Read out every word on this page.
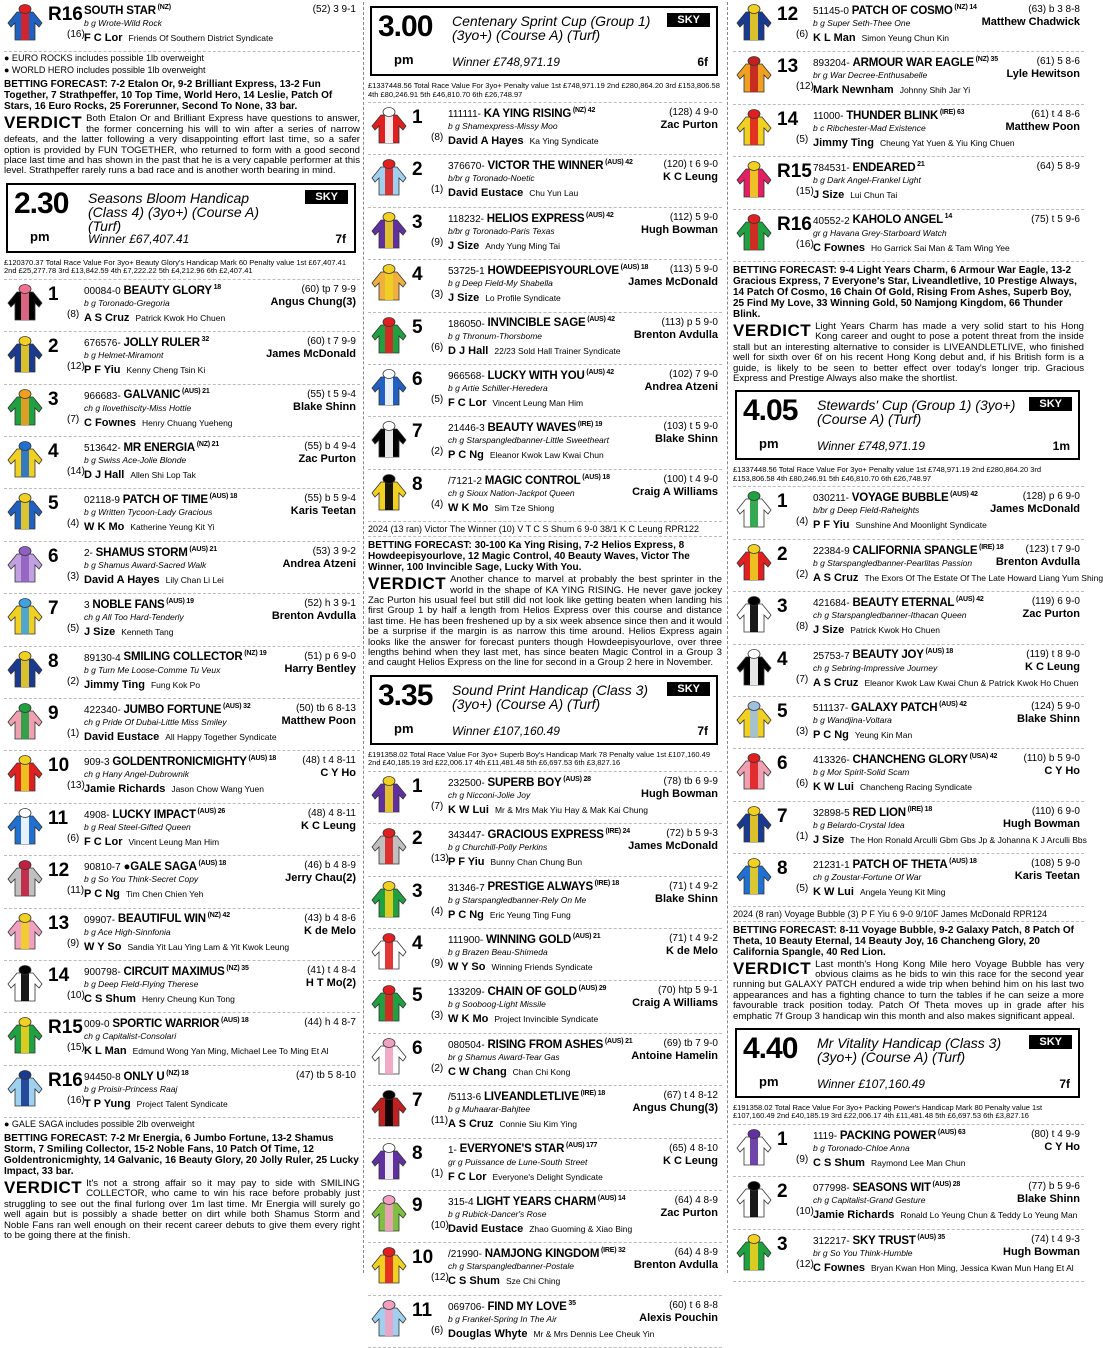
R16
(16)
SOUTH STAR $^{(NZ)}$	(52) 3 9-1
b g Wrote-Wild Rock
F C Lor Friends Of Southern District Syndicate
● EURO ROCKS includes possible 1lb overweight
● WORLD HERO includes possible 1lb overweight
BETTING FORECAST: 7-2 Etalon Or, 9-2 Brilliant Express, 13-2 Fun Together, 7 Strathpeffer, 10 Top Time, World Hero, 14 Leslie, Patch Of Stars, 16 Euro Rocks, 25 Forerunner, Second To None, 33 bar.
VERDICT Both Etalon Or and Brilliant Express have questions to answer, the former concerning his will to win after a series of narrow defeats, and the latter following a very disappointing effort last time, so a safer option is provided by FUN TOGETHER, who returned to form with a good second place last time and has shown in the past that he is a very capable performer at this level. Strathpeffer rarely runs a bad race and is another worth bearing in mind.
2.30
pm
Seasons Bloom Handicap (Class 4) (3yo+) (Course A) (Turf)
Winner £67,407.41
SKY
7f
£120370.37 Total Race Value For 3yo+ Beauty Glory's Handicap Mark 60 Penalty value 1st £67,407.41 2nd £25,277.78 3rd £13,842.59 4th £7,222.22 5th £4,212.96 6th £2,407.41
1
(8)
00084-0 BEAUTY GLORY $^{18}$	(60) tp 7 9-9
b g Toronado-Gregoria	Angus Chung(3)
A S Cruz Patrick Kwok Ho Chuen
2
(12)
676576- JOLLY RULER $^{32}$	(60) t 7 9-9
b g Helmet-Miramont	James McDonald
P F Yiu Kenny Cheng Tsin Ki
3
(7)
966683- GALVANIC $^{(AUS) 21}$	(55) t 5 9-4
ch g Ilovethiscity-Miss Hottie	Blake Shinn
C Fownes Henry Chuang Yueheng
4
(14)
513642- MR ENERGIA $^{(NZ) 21}$	(55) b 4 9-4
b g Swiss Ace-Jolie Blonde	Zac Purton
D J Hall Allen Shi Lop Tak
5
(4)
02118-9 PATCH OF TIME $^{(AUS) 18}$	(55) b 5 9-4
b g Written Tycoon-Lady Gracious	Karis Teetan
W K Mo Katherine Yeung Kit Yi
6
(3)
2- SHAMUS STORM $^{(AUS) 21}$	(53) 3 9-2
b g Shamus Award-Sacred Walk	Andrea Atzeni
David A Hayes Lily Chan Li Lei
7
(5)
3 NOBLE FANS $^{(AUS) 19}$	(52) h 3 9-1
ch g All Too Hard-Tenderly	Brenton Avdulla
J Size Kenneth Tang
8
(2)
89130-4 SMILING COLLECTOR $^{(NZ) 19}$	(51) p 6 9-0
b g Turn Me Loose-Comme Tu Veux	Harry Bentley
Jimmy Ting Fung Kok Po
9
(1)
422340- JUMBO FORTUNE $^{(AUS) 32}$	(50) tb 6 8-13
ch g Pride Of Dubai-Little Miss Smiley	Matthew Poon
David Eustace All Happy Together Syndicate
10
(13)
909-3 GOLDENTRONICMIGHTY $^{(AUS) 18}$	(48) t 4 8-11
ch g Hany Angel-Dubrownik	C Y Ho
Jamie Richards Jason Chow Wang Yuen
11
(6)
4908- LUCKY IMPACT $^{(AUS) 26}$	(48) 4 8-11
b g Real Steel-Gifted Queen	K C Leung
F C Lor Vincent Leung Man Him
12
(11)
90810-7 ●GALE SAGA $^{(AUS) 18}$	(46) b 4 8-9
b g So You Think-Secret Copy	Jerry Chau(2)
P C Ng Tim Chen Chien Yeh
13
(9)
09907- BEAUTIFUL WIN $^{(NZ) 42}$	(43) b 4 8-6
b g Ace High-Sinnfonia	K de Melo
W Y So Sandia Yit Lau Ying Lam & Yit Kwok Leung
14
(10)
900798- CIRCUIT MAXIMUS $^{(NZ) 35}$	(41) t 4 8-4
b g Deep Field-Flying Therese	H T Mo(2)
C S Shum Henry Cheung Kun Tong
R15
(15)
009-0 SPORTIC WARRIOR $^{(AUS) 18}$	(44) h 4 8-7
ch g Capitalist-Consolari
K L Man Edmund Wong Yan Ming, Michael Lee To Ming Et Al
R16
(16)
94450-8 ONLY U $^{(NZ) 18}$	(47) tb 5 8-10
b g Proisir-Princess Raaj
T P Yung Project Talent Syndicate
● GALE SAGA includes possible 2lb overweight
BETTING FORECAST: 7-2 Mr Energia, 6 Jumbo Fortune, 13-2 Shamus Storm, 7 Smiling Collector, 15-2 Noble Fans, 10 Patch Of Time, 12 Goldentronicmighty, 14 Galvanic, 16 Beauty Glory, 20 Jolly Ruler, 25 Lucky Impact, 33 bar.
VERDICT It's not a strong affair so it may pay to side with SMILING COLLECTOR, who came to win his race before probably just struggling to see out the final furlong over 1m last time. Mr Energia will surely go well again but is possibly a shade better on dirt while both Shamus Storm and Noble Fans ran well enough on their recent career debuts to give them every right to be going there at the finish.
3.00
pm
Centenary Sprint Cup (Group 1) (3yo+) (Course A) (Turf)
Winner £748,971.19
SKY
6f
£1337448.56 Total Race Value For 3yo+ Penalty value 1st £748,971.19 2nd £280,864.20 3rd £153,806.58 4th £80,246.91 5th £46,810.70 6th £26,748.97
1
(8)
111111- KA YING RISING $^{(NZ) 42}$	(128) 4 9-0
b g Shamexpress-Missy Moo	Zac Purton
David A Hayes Ka Ying Syndicate
2
(1)
376670- VICTOR THE WINNER $^{(AUS) 42}$	(120) t 6 9-0
b/br g Toronado-Noetic	K C Leung
David Eustace Chu Yun Lau
3
(9)
118232- HELIOS EXPRESS $^{(AUS) 42}$	(112) 5 9-0
b/br g Toronado-Paris Texas	Hugh Bowman
J Size Andy Yung Ming Tai
4
(3)
53725-1 HOWDEEPISYOURLOVE $^{(AUS) 18}$ (113) 5 9-0
b g Deep Field-My Shabella	James McDonald
J Size Lo Profile Syndicate
5
(6)
186050- INVINCIBLE SAGE $^{(AUS) 42}$	(113) p 5 9-0
b g Thronum-Thorsbome	Brenton Avdulla
D J Hall 22/23 Sold Hall Trainer Syndicate
6
(5)
966568- LUCKY WITH YOU $^{(AUS) 42}$	(102) 7 9-0
b g Artie Schiller-Heredera	Andrea Atzeni
F C Lor Vincent Leung Man Him
7
(2)
21446-3 BEAUTY WAVES $^{(IRE) 19}$	(103) t 5 9-0
ch g Starspangledbanner-Little Sweetheart	Blake Shinn
P C Ng Eleanor Kwok Law Kwai Chun
8
(4)
/7121-2 MAGIC CONTROL $^{(AUS) 18}$	(100) t 4 9-0
ch g Sioux Nation-Jackpot Queen	Craig A Williams
W K Mo Sim Tze Shiong
2024 (13 ran) Victor The Winner (10) V T C S Shum 6 9-0 38/1 K C Leung RPR122
BETTING FORECAST: 30-100 Ka Ying Rising, 7-2 Helios Express, 8 Howdeepisyourlove, 12 Magic Control, 40 Beauty Waves, Victor The Winner, 100 Invincible Sage, Lucky With You.
VERDICT Another chance to marvel at probably the best sprinter in the world in the shape of KA YING RISING. He never gave jockey Zac Purton his usual feel but still did not look like getting beaten when landing his first Group 1 by half a length from Helios Express over this course and distance last time. He has been freshened up by a six week absence since then and it would be a surprise if the margin is as narrow this time around. Helios Express again looks like the answer for forecast punters though Howdeepisyourlove, over three lengths behind when they last met, has since beaten Magic Control in a Group 3 and caught Helios Express on the line for second in a Group 2 here in November.
3.35
pm
Sound Print Handicap (Class 3) (3yo+) (Course A) (Turf)
Winner £107,160.49
SKY
7f
£191358.02 Total Race Value For 3yo+ Superb Boy's Handicap Mark 78 Penalty value 1st £107,160.49 2nd £40,185.19 3rd £22,006.17 4th £11,481.48 5th £6,697.53 6th £3,827.16
1
(7)
232500- SUPERB BOY $^{(AUS) 28}$	(78) tb 6 9-9
ch g Nicconi-Jolie Joy	Hugh Bowman
K W Lui Mr & Mrs Mak Yiu Hay & Mak Kai Chung
2
(13)
343447- GRACIOUS EXPRESS $^{(IRE) 24}$	(72) b 5 9-3
b g Churchill-Polly Perkins	James McDonald
P F Yiu Bunny Chan Chung Bun
3
(4)
31346-7 PRESTIGE ALWAYS $^{(IRE) 18}$	(71) t 4 9-2
b g Starspangledbanner-Rely On Me	Blake Shinn
P C Ng Eric Yeung Ting Fung
4
(9)
111900- WINNING GOLD $^{(AUS) 21}$	(71) t 4 9-2
b g Brazen Beau-Shimeda	K de Melo
W Y So Winning Friends Syndicate
5
(3)
133209- CHAIN OF GOLD $^{(AUS) 29}$	(70) htp 5 9-1
b g Sooboog-Light Missile	Craig A Williams
W K Mo Project Invincible Syndicate
6
(2)
080504- RISING FROM ASHES $^{(AUS) 21}$	(69) tb 7 9-0
br g Shamus Award-Tear Gas	Antoine Hamelin
C W Chang Chan Chi Kong
7
(11)
/5113-6 LIVEANDLETLIVE $^{(IRE) 18}$	(67) t 4 8-12
b g Muhaarar-Bahjtee	Angus Chung(3)
A S Cruz Connie Siu Kim Ying
8
(1)
1- EVERYONE'S STAR $^{(AUS) 177}$	(65) 4 8-10
gr g Puissance de Lune-South Street	K C Leung
F C Lor Everyone's Delight Syndicate
9
(10)
315-4 LIGHT YEARS CHARM $^{(AUS) 14}$	(64) 4 8-9
b g Rubick-Dancer's Rose	Zac Purton
David Eustace Zhao Guoming & Xiao Bing
10
(12)
/21990- NAMJONG KINGDOM $^{(IRE) 32}$	(64) 4 8-9
ch g Starspangledbanner-Postale	Brenton Avdulla
C S Shum Sze Chi Ching
11
(6)
069706- FIND MY LOVE $^{35}$	(60) t 6 8-8
b g Frankel-Spring In The Air	Alexis Pouchin
Douglas Whyte Mr & Mrs Dennis Lee Cheuk Yin
12
(6)
51145-0 PATCH OF COSMO $^{(NZ) 14}$	(63) b 3 8-8
b g Super Seth-Thee One	Matthew Chadwick
K L Man Simon Yeung Chun Kin
13
(12)
893204- ARMOUR WAR EAGLE $^{(NZ) 35}$	(61) 5 8-6
br g War Decree-Enthusabelle	Lyle Hewitson
Mark Newnham Johnny Shih Jar Yi
14
(5)
11000- THUNDER BLINK $^{(IRE) 63}$	(61) t 4 8-6
b c Ribchester-Mad Existence	Matthew Poon
Jimmy Ting Cheung Yat Yuen & Yiu King Chuen
R15
(15)
784531- ENDEARED $^{21}$	(64) 5 8-9
b g Dark Angel-Frankel Light
J Size Lui Chun Tai
R16
(16)
40552-2 KAHOLO ANGEL $^{14}$	(75) t 5 9-6
gr g Havana Grey-Starboard Watch
C Fownes Ho Garrick Sai Man & Tam Wing Yee
BETTING FORECAST: 9-4 Light Years Charm, 6 Armour War Eagle, 13-2 Gracious Express, 7 Everyone's Star, Liveandletlive, 10 Prestige Always, 14 Patch Of Cosmo, 16 Chain Of Gold, Rising From Ashes, Superb Boy, 25 Find My Love, 33 Winning Gold, 50 Namjong Kingdom, 66 Thunder Blink.
VERDICT Light Years Charm has made a very solid start to his Hong Kong career and ought to pose a potent threat from the inside stall but an interesting alternative to consider is LIVEANDLETLIVE, who finished well for sixth over 6f on his recent Hong Kong debut and, if his British form is a guide, is likely to be seen to better effect over today's longer trip. Gracious Express and Prestige Always also make the shortlist.
4.05
pm
Stewards' Cup (Group 1) (3yo+) (Course A) (Turf)
Winner £748,971.19
SKY
1m
£1337448.56 Total Race Value For 3yo+ Penalty value 1st £748,971.19 2nd £280,864.20 3rd £153,806.58 4th £80,246.91 5th £46,810.70 6th £26,748.97
1
(4)
030211- VOYAGE BUBBLE $^{(AUS) 42}$	(128) p 6 9-0
b/br g Deep Field-Raheights	James McDonald
P F Yiu Sunshine And Moonlight Syndicate
2
(2)
22384-9 CALIFORNIA SPANGLE $^{(IRE) 18}$ (123) t 7 9-0
b g Starspangledbanner-Pearlitas Passion Brenton Avdulla
A S Cruz The Exors Of The Estate Of The Late Howard Liang Yum Shing
3
(8)
421684- BEAUTY ETERNAL $^{(AUS) 42}$	(119) 6 9-0
ch g Starspangledbanner-Ithacan Queen	Zac Purton
J Size Patrick Kwok Ho Chuen
4
(7)
25753-7 BEAUTY JOY $^{(AUS) 18}$	(119) t 8 9-0
ch g Sebring-Impressive Journey	K C Leung
A S Cruz Eleanor Kwok Law Kwai Chun & Patrick Kwok Ho Chuen
5
(3)
511137- GALAXY PATCH $^{(AUS) 42}$	(124) 5 9-0
b g Wandjina-Voltara	Blake Shinn
P C Ng Yeung Kin Man
6
(6)
413326- CHANCHENG GLORY $^{(USA) 42}$	(110) b 5 9-0
b g Mor Spirit-Solid Scam	C Y Ho
K W Lui Chancheng Racing Syndicate
7
(1)
32898-5 RED LION $^{(IRE) 18}$	(110) 6 9-0
b g Belardo-Crystal Idea	Hugh Bowman
J Size The Hon Ronald Arculli Gbm Gbs Jp & Johanna K J Arculli Bbs
8
(5)
21231-1 PATCH OF THETA $^{(AUS) 18}$	(108) 5 9-0
ch g Zoustar-Fortune Of War	Karis Teetan
K W Lui Angela Yeung Kit Ming
2024 (8 ran) Voyage Bubble (3) P F Yiu 6 9-0 9/10F James McDonald RPR124
BETTING FORECAST: 8-11 Voyage Bubble, 9-2 Galaxy Patch, 8 Patch Of Theta, 10 Beauty Eternal, 14 Beauty Joy, 16 Chancheng Glory, 20 California Spangle, 40 Red Lion.
VERDICT Last month's Hong Kong Mile hero Voyage Bubble has very obvious claims as he bids to win this race for the second year running but GALAXY PATCH endured a wide trip when behind him on his last two appearances and has a fighting chance to turn the tables if he can seize a more favourable track position today. Patch Of Theta moves up in grade after his emphatic 7f Group 3 handicap win this month and also makes significant appeal.
4.40
pm
Mr Vitality Handicap (Class 3) (3yo+) (Course A) (Turf)
Winner £107,160.49
SKY
7f
£191358.02 Total Race Value For 3yo+ Packing Power's Handicap Mark 80 Penalty value 1st £107,160.49 2nd £40,185.19 3rd £22,006.17 4th £11,481.48 5th £6,697.53 6th £3,827.16
1
(9)
1119- PACKING POWER $^{(AUS) 63}$	(80) t 4 9-9
b g Toronado-Chloe Anna	C Y Ho
C S Shum Raymond Lee Man Chun
2
(10)
077998- SEASONS WIT $^{(AUS) 28}$	(77) b 5 9-6
ch g Capitalist-Grand Gesture	Blake Shinn
Jamie Richards Ronald Lo Yeung Chun & Teddy Lo Yeung Man
3
(12)
312217- SKY TRUST $^{(AUS) 35}$	(74) t 4 9-3
br g So You Think-Humble	Hugh Bowman
C Fownes Bryan Kwan Hon Ming, Jessica Kwan Mun Hang Et Al
